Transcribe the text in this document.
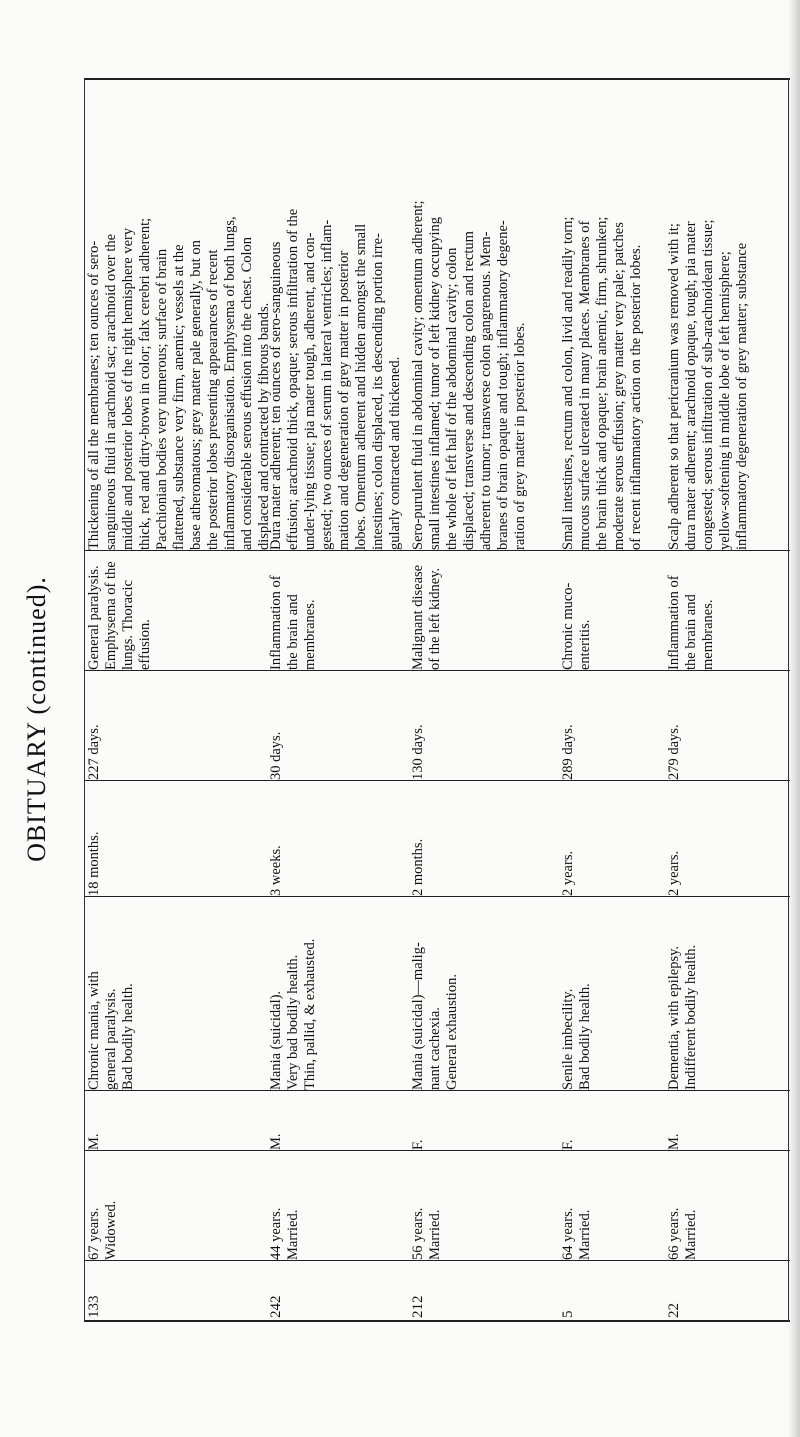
OBITUARY (continued).
Thickening of all the membranes; ten ounces of sero-
sanguineous fluid in arachnoid sac; arachnoid over the
middle and posterior lobes of the right hemisphere very
thick, red and dirty-brown in color; falx cerebri adherent;
Pacchionian bodies very numerous; surface of brain
flattened, substance very firm, anemic; vessels at the
base atheromatous; grey matter pale generally, but on
the posterior lobes presenting appearances of recent
inflammatory disorganisation. Emphysema of both lungs,
and considerable serous effusion into the chest. Colon
displaced and contracted by fibrous bands.
General paralysis.
Emphysema of the
lungs. Thoracic
effusion.
227 days.
18 months.
Chronic mania, with
general paralysis.
Bad bodily health.
M.
67 years.
Widowed.
133
Dura mater adherent; ten ounces of sero-sanguineous
effusion; arachnoid thick, opaque; serous infiltration of the
under-lying tissue; pia mater tough, adherent, and con-
gested; two ounces of serum in lateral ventricles; inflam-
mation and degeneration of grey matter in posterior
lobes. Omentum adherent and hidden amongst the small
intestines; colon displaced, its descending portion irre-
gularly contracted and thickened.
Inflammation of
the brain and
membranes.
30 days.
3 weeks.
Mania (suicidal).
Very bad bodily health.
Thin, pallid, & exhausted.
M.
44 years.
Married.
242
Sero-purulent fluid in abdominal cavity; omentum adherent;
small intestines inflamed; tumor of left kidney occupying
the whole of left half of the abdominal cavity; colon
displaced; transverse and descending colon and rectum
adherent to tumor; transverse colon gangrenous. Mem-
branes of brain opaque and tough; inflammatory degene-
ration of grey matter in posterior lobes.
Malignant disease
of the left kidney.
130 days.
2 months.
Mania (suicidal)—malig-
nant cachexia.
General exhaustion.
F.
56 years.
Married.
212
Small intestines, rectum and colon, livid and readily torn;
mucous surface ulcerated in many places. Membranes of
the brain thick and opaque; brain anemic, firm, shrunken;
moderate serous effusion; grey matter very pale; patches
of recent inflammatory action on the posterior lobes.
Chronic muco-
enteritis.
289 days.
2 years.
Senile imbecility.
Bad bodily health.
F.
64 years.
Married.
5
Scalp adherent so that pericranium was removed with it;
dura mater adherent; arachnoid opaque, tough; pia mater
congested; serous infiltration of sub-arachnoidean tissue;
yellow-softening in middle lobe of left hemisphere;
inflammatory degeneration of grey matter; substance
Inflammation of
the brain and
membranes.
279 days.
2 years.
Dementia, with epilepsy.
Indifferent bodily health.
M.
66 years.
Married.
22
